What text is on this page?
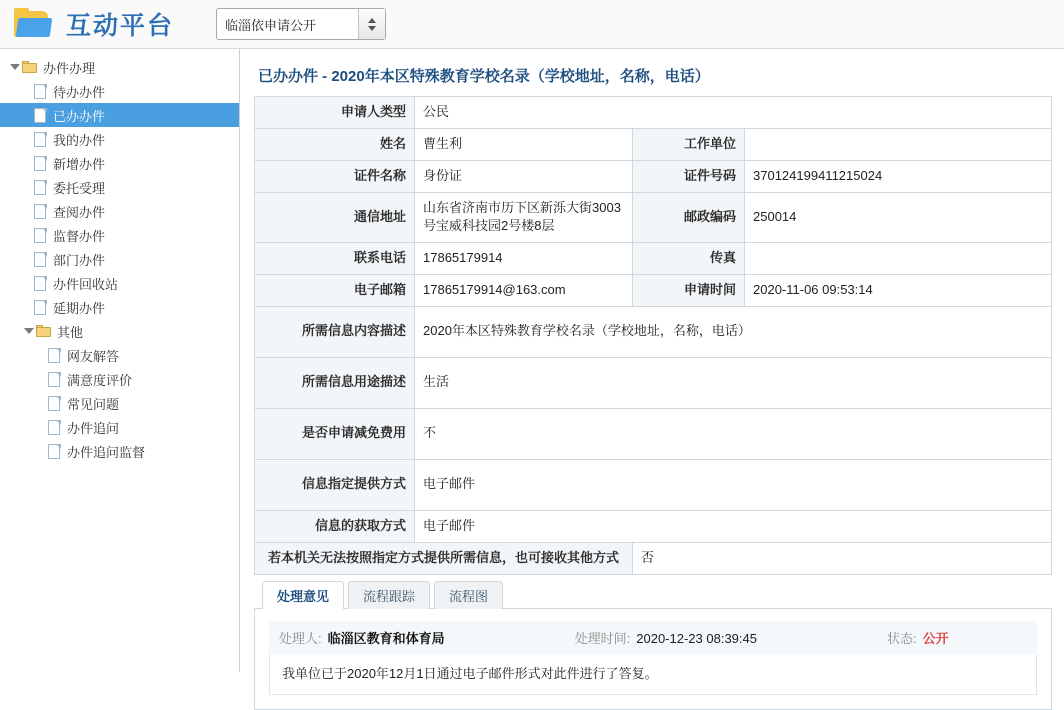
互动平台	临淄依申请公开
办件办理
待办办件
已办办件
我的办件
新增办件
委托受理
查阅办件
监督办件
部门办件
办件回收站
延期办件
其他
网友解答
满意度评价
常见问题
办件追问
办件追问监督
已办办件 - 2020年本区特殊教育学校名录（学校地址，名称，电话）
申请人类型	公民		
姓名	曹生利	工作单位	
证件名称	身份证	证件号码	370124199411215024
通信地址	山东省济南市历下区新泺大街3003号宝威科技园2号楼8层	邮政编码	250014
联系电话	17865179914	传真	
电子邮箱	17865179914@163.com	申请时间	2020-11-06 09:53:14
所需信息内容描述	2020年本区特殊教育学校名录（学校地址，名称，电话）		
所需信息用途描述	生活		
是否申请减免费用	不		
信息指定提供方式	电子邮件		
信息的获取方式	电子邮件		
若本机关无法按照指定方式提供所需信息，也可接收其他方式		否	
处理意见	流程跟踪	流程图
处理人: 临淄区教育和体育局	处理时间: 2020-12-23 08:39:45	状态: 公开
我单位已于2020年12月1日通过电子邮件形式对此件进行了答复。
